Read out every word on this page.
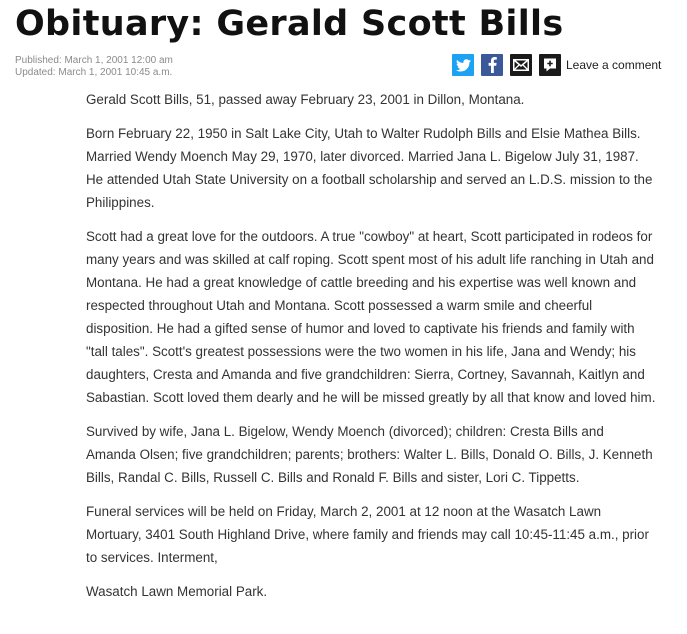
Obituary: Gerald Scott Bills
Published: March 1, 2001 12:00 am
Updated: March 1, 2001 10:45 a.m.
Leave a comment

Gerald Scott Bills, 51, passed away February 23, 2001 in Dillon, Montana.

Born February 22, 1950 in Salt Lake City, Utah to Walter Rudolph Bills and Elsie Mathea Bills. Married Wendy Moench May 29, 1970, later divorced. Married Jana L. Bigelow July 31, 1987. He attended Utah State University on a football scholarship and served an L.D.S. mission to the Philippines.

Scott had a great love for the outdoors. A true "cowboy" at heart, Scott participated in rodeos for many years and was skilled at calf roping. Scott spent most of his adult life ranching in Utah and Montana. He had a great knowledge of cattle breeding and his expertise was well known and respected throughout Utah and Montana. Scott possessed a warm smile and cheerful disposition. He had a gifted sense of humor and loved to captivate his friends and family with "tall tales". Scott's greatest possessions were the two women in his life, Jana and Wendy; his daughters, Cresta and Amanda and five grandchildren: Sierra, Cortney, Savannah, Kaitlyn and Sabastian. Scott loved them dearly and he will be missed greatly by all that know and loved him.

Survived by wife, Jana L. Bigelow, Wendy Moench (divorced); children: Cresta Bills and Amanda Olsen; five grandchildren; parents; brothers: Walter L. Bills, Donald O. Bills, J. Kenneth Bills, Randal C. Bills, Russell C. Bills and Ronald F. Bills and sister, Lori C. Tippetts.

Funeral services will be held on Friday, March 2, 2001 at 12 noon at the Wasatch Lawn Mortuary, 3401 South Highland Drive, where family and friends may call 10:45-11:45 a.m., prior to services. Interment,

Wasatch Lawn Memorial Park.
